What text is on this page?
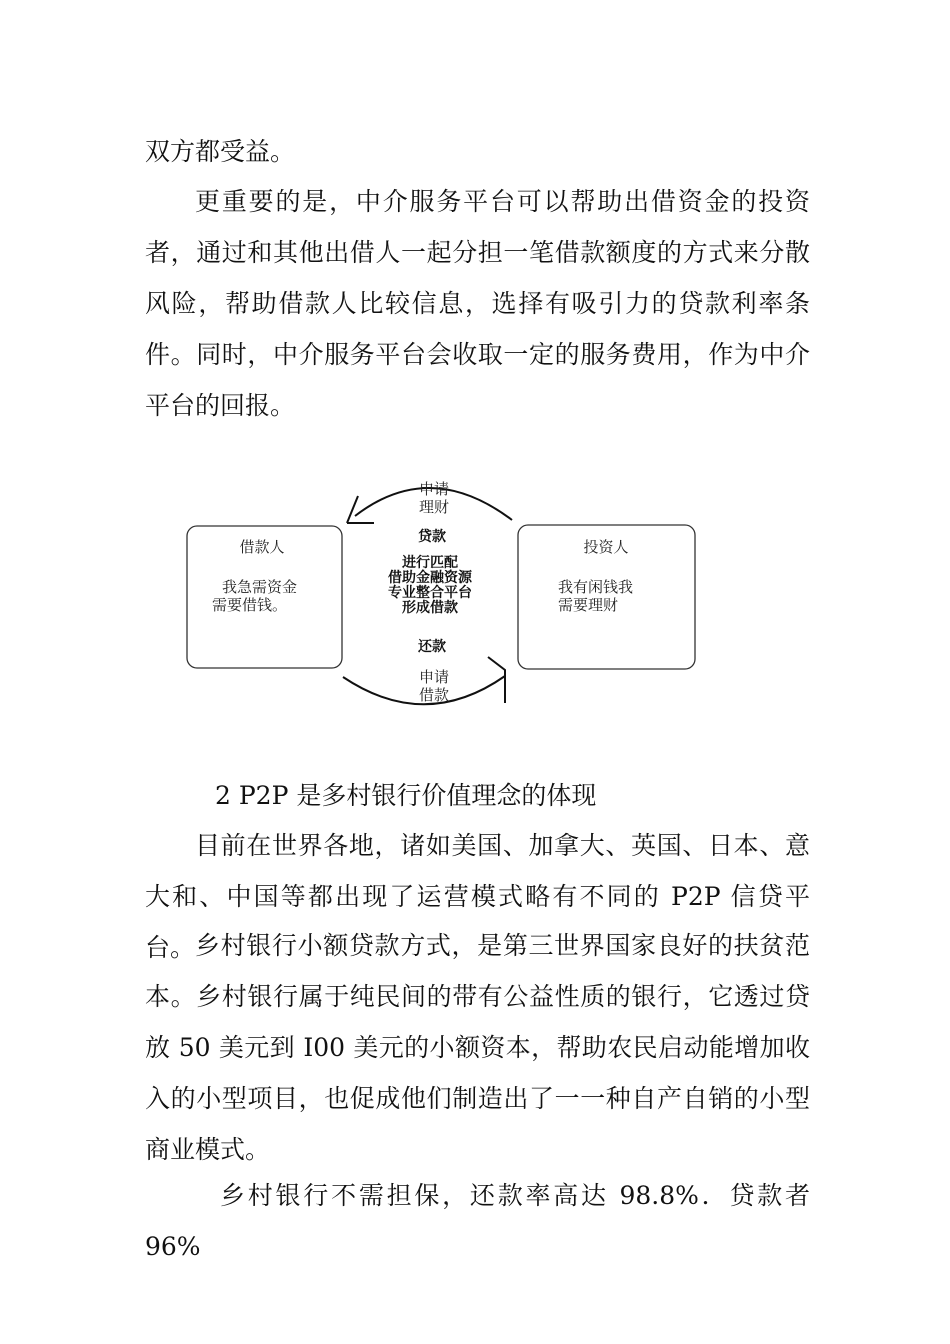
双方都受益。

更重要的是，中介服务平台可以帮助出借资金的投资者，通过和其他出借人一起分担一笔借款额度的方式来分散风险，帮助借款人比较信息，选择有吸引力的贷款利率条件。同时，中介服务平台会收取一定的服务费用，作为中介平台的回报。

借款人
我急需资金
需要借钱。
投资人
我有闲钱我
需要理财
申请
理财
申请
借款
贷款
进行匹配
借助金融资源
专业整合平台
形成借款
还款

2 P2P 是多村银行价值理念的体现

目前在世界各地，诸如美国、加拿大、英国、日本、意大和、中国等都出现了运营模式略有不同的 P2P 信贷平台。 乡村银行小额贷款方式，是第三世界国家良好的扶贫范本。乡村银行属于纯民间的带有公益性质的银行，它透过贷放 50 美元到 I00 美元的小额资本，帮助农民启动能增加收入的小型项目，也促成他们制造出了一一种自产自销的小型商业模式。

乡村银行不需担保，还款率高达 98.8%．贷款者 96%
